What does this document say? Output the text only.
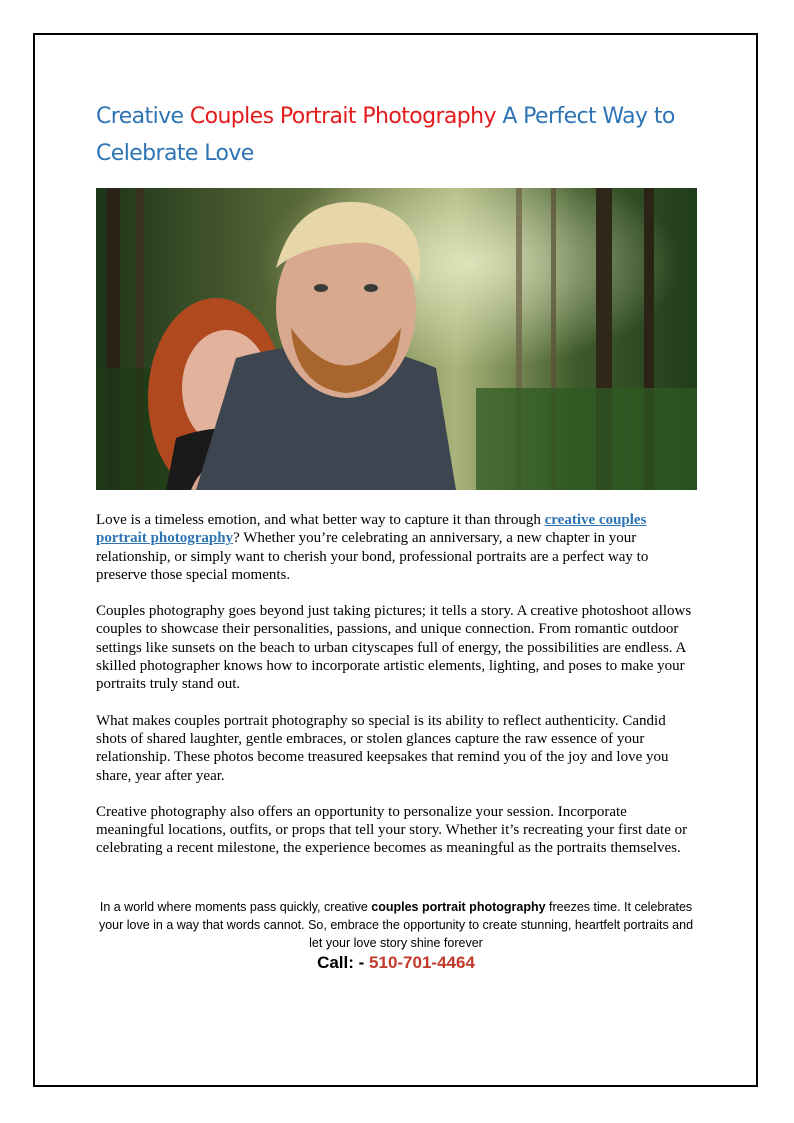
Creative Couples Portrait Photography A Perfect Way to Celebrate Love

Love is a timeless emotion, and what better way to capture it than through creative couples portrait photography? Whether you’re celebrating an anniversary, a new chapter in your relationship, or simply want to cherish your bond, professional portraits are a perfect way to preserve those special moments.

Couples photography goes beyond just taking pictures; it tells a story. A creative photoshoot allows couples to showcase their personalities, passions, and unique connection. From romantic outdoor settings like sunsets on the beach to urban cityscapes full of energy, the possibilities are endless. A skilled photographer knows how to incorporate artistic elements, lighting, and poses to make your portraits truly stand out.

What makes couples portrait photography so special is its ability to reflect authenticity. Candid shots of shared laughter, gentle embraces, or stolen glances capture the raw essence of your relationship. These photos become treasured keepsakes that remind you of the joy and love you share, year after year.

Creative photography also offers an opportunity to personalize your session. Incorporate meaningful locations, outfits, or props that tell your story. Whether it’s recreating your first date or celebrating a recent milestone, the experience becomes as meaningful as the portraits themselves.

In a world where moments pass quickly, creative couples portrait photography freezes time. It celebrates your love in a way that words cannot. So, embrace the opportunity to create stunning, heartfelt portraits and let your love story shine forever

Call: - 510-701-4464
